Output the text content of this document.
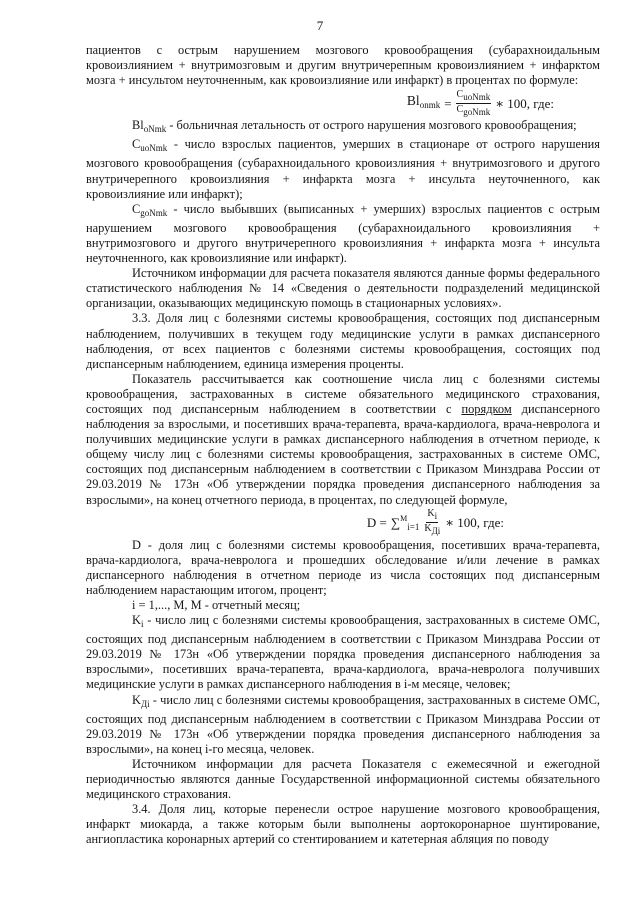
7

пациентов с острым нарушением мозгового кровообращения (субарахноидальным кровоизлиянием + внутримозговым и другим внутричерепным кровоизлиянием + инфарктом мозга + инсультом неуточненным, как кровоизлияние или инфаркт) в процентах по формуле:

$Bl_{onmk} = \frac{\text{CuoNmk}}{\text{CgoNmk}}$ ∗ 100, где:

$Bl_{oNmk}$ - больничная летальность от острого нарушения мозгового кровообращения;

$C_{uoNmk}$ - число взрослых пациентов, умерших в стационаре от острого нарушения мозгового кровообращения (субарахноидального кровоизлияния + внутримозгового и другого внутричерепного кровоизлияния + инфаркта мозга + инсульта неуточненного, как кровоизлияние или инфаркт);

$C_{goNmk}$ - число выбывших (выписанных + умерших) взрослых пациентов с острым нарушением мозгового кровообращения (субарахноидального кровоизлияния + внутримозгового и другого внутричерепного кровоизлияния + инфаркта мозга + инсульта неуточненного, как кровоизлияние или инфаркт).

Источником информации для расчета показателя являются данные формы федерального статистического наблюдения № 14 «Сведения о деятельности подразделений медицинской организации, оказывающих медицинскую помощь в стационарных условиях».

3.3. Доля лиц с болезнями системы кровообращения, состоящих под диспансерным наблюдением, получивших в текущем году медицинские услуги в рамках диспансерного наблюдения, от всех пациентов с болезнями системы кровообращения, состоящих под диспансерным наблюдением, единица измерения проценты.

Показатель рассчитывается как соотношение числа лиц с болезнями системы кровообращения, застрахованных в системе обязательного медицинского страхования, состоящих под диспансерным наблюдением в соответствии с порядком диспансерного наблюдения за взрослыми, и посетивших врача-терапевта, врача-кардиолога, врача-невролога и получивших медицинские услуги в рамках диспансерного наблюдения в отчетном периоде, к общему числу лиц с болезнями системы кровообращения, застрахованных в системе ОМС, состоящих под диспансерным наблюдением в соответствии с Приказом Минздрава России от 29.03.2019 № 173н «Об утверждении порядка проведения диспансерного наблюдения за взрослыми», на конец отчетного периода, в процентах, по следующей формуле,

$D = \sum^M_{i=1} \frac{Ki}{\text{KДi}}$ ∗ 100, где:

D - доля лиц с болезнями системы кровообращения, посетивших врача-терапевта, врача-кардиолога, врача-невролога и прошедших обследование и/или лечение в рамках диспансерного наблюдения в отчетном периоде из числа состоящих под диспансерным наблюдением нарастающим итогом, процент;

i = 1,..., M, M - отчетный месяц;

$K_i$ - число лиц с болезнями системы кровообращения, застрахованных в системе ОМС, состоящих под диспансерным наблюдением в соответствии с Приказом Минздрава России от 29.03.2019 № 173н «Об утверждении порядка проведения диспансерного наблюдения за взрослыми», посетивших врача-терапевта, врача-кардиолога, врача-невролога получивших медицинские услуги в рамках диспансерного наблюдения в i-м месяце, человек;

$K_{Дi}$ - число лиц с болезнями системы кровообращения, застрахованных в системе ОМС, состоящих под диспансерным наблюдением в соответствии с Приказом Минздрава России от 29.03.2019 № 173н «Об утверждении порядка проведения диспансерного наблюдения за взрослыми», на конец i-го месяца, человек.

Источником информации для расчета Показателя с ежемесячной и ежегодной периодичностью являются данные Государственной информационной системы обязательного медицинского страхования.

3.4. Доля лиц, которые перенесли острое нарушение мозгового кровообращения, инфаркт миокарда, а также которым были выполнены аортокоронарное шунтирование, ангиопластика коронарных артерий со стентированием и катетерная абляция по поводу
